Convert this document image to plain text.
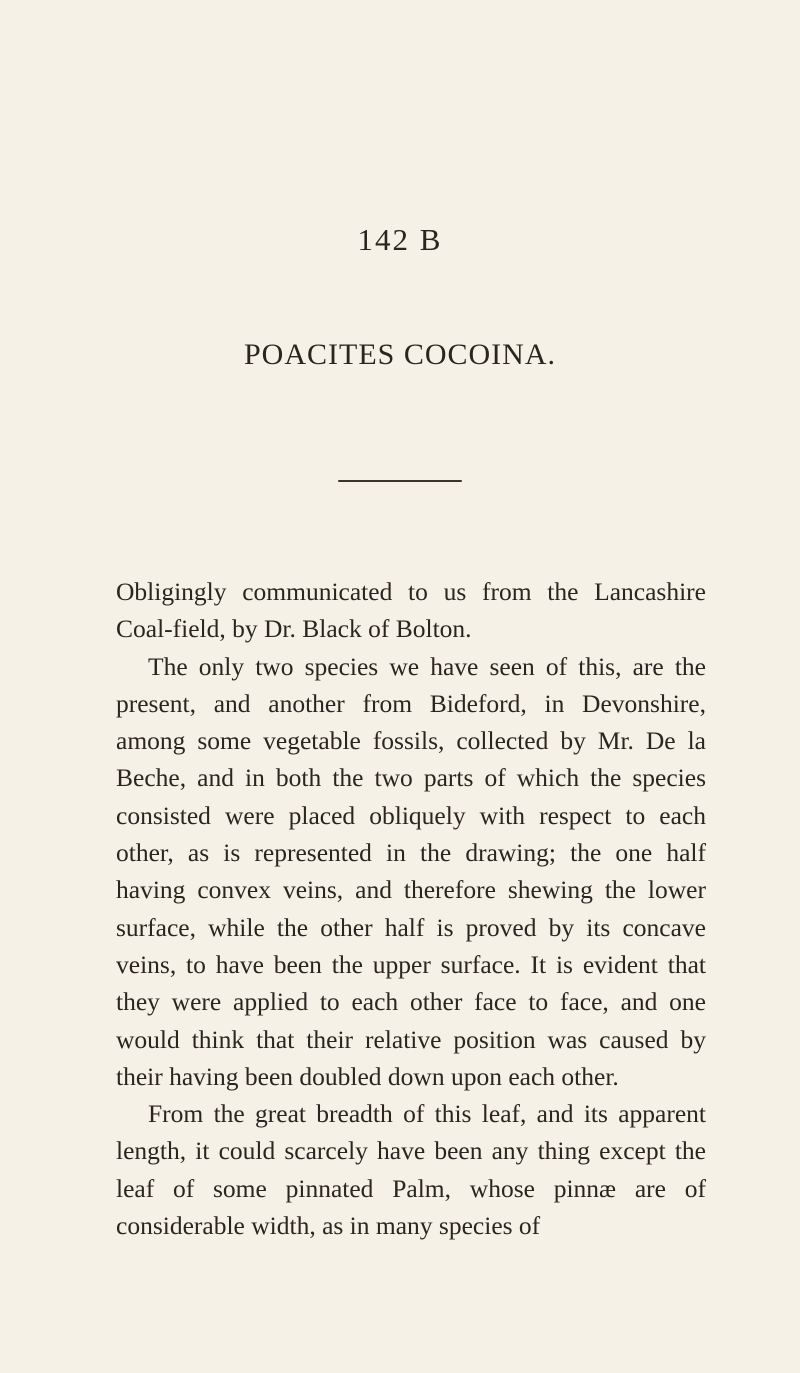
142 B
POACITES COCOINA.

Obligingly communicated to us from the Lancashire Coal-field, by Dr. Black of Bolton.

The only two species we have seen of this, are the present, and another from Bideford, in Devonshire, among some vegetable fossils, collected by Mr. De la Beche, and in both the two parts of which the species consisted were placed obliquely with respect to each other, as is represented in the drawing; the one half having convex veins, and therefore shewing the lower surface, while the other half is proved by its concave veins, to have been the upper surface. It is evident that they were applied to each other face to face, and one would think that their relative position was caused by their having been doubled down upon each other.

From the great breadth of this leaf, and its apparent length, it could scarcely have been any thing except the leaf of some pinnated Palm, whose pinnæ are of considerable width, as in many species of
